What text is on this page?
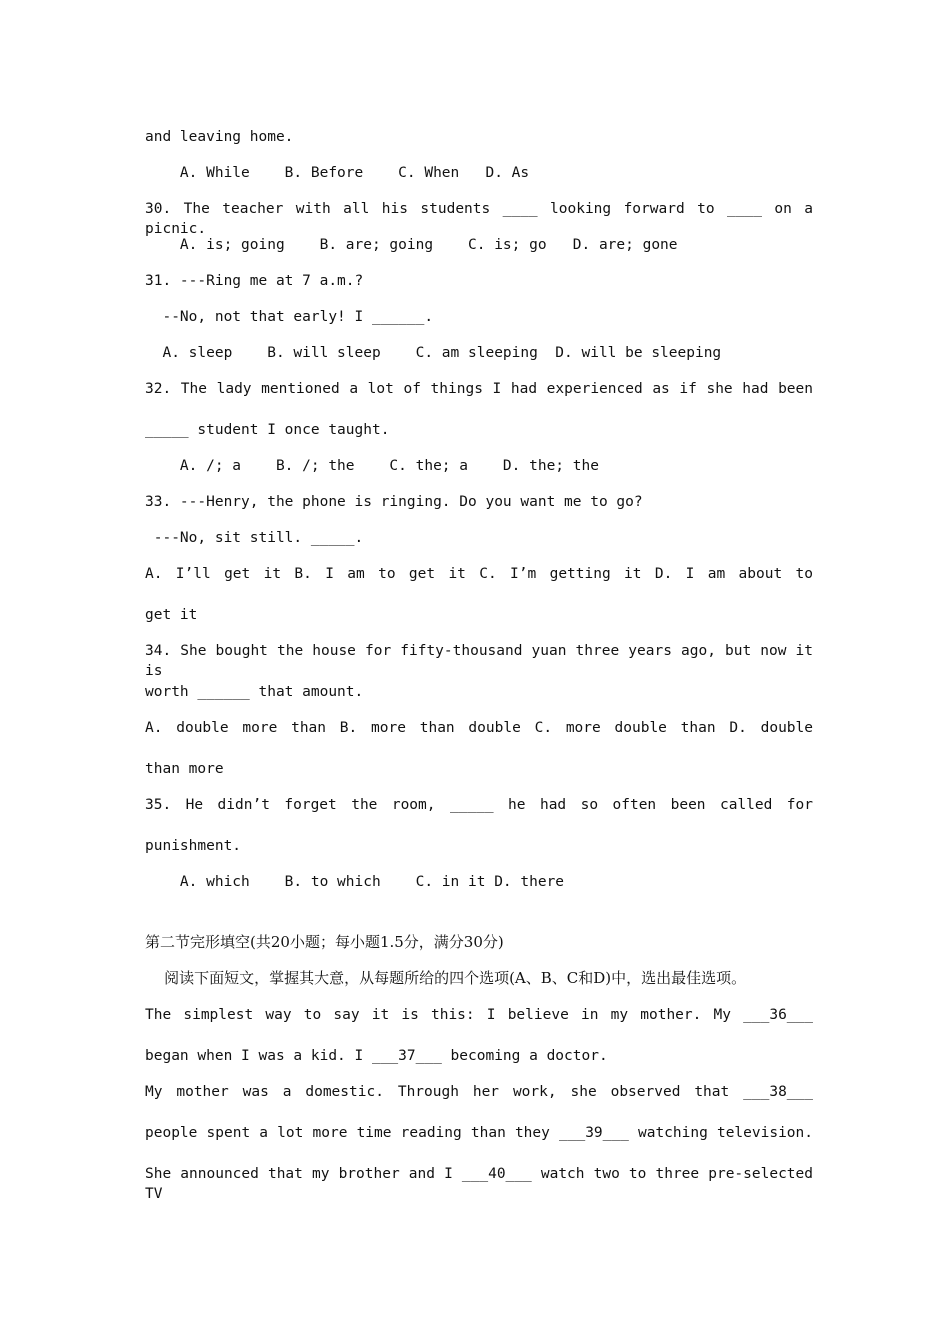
and leaving home.
A. While    B. Before    C. When   D. As
30. The teacher with all his students ____ looking forward to ____ on a picnic.
A. is; going    B. are; going    C. is; go   D. are; gone
31. ---Ring me at 7 a.m.?
--No, not that early! I ______.
A. sleep    B. will sleep    C. am sleeping  D. will be sleeping
32. The lady mentioned a lot of things I had experienced as if she had been
_____ student I once taught.
A. /; a    B. /; the    C. the; a    D. the; the
33. ---Henry, the phone is ringing. Do you want me to go?
---No, sit still. _____.
A. I’ll get it B. I am to get it C. I’m getting it D. I am about to
get it
34. She bought the house for fifty-thousand yuan three years ago, but now it is
worth ______ that amount.
A. double more than B. more than double C. more double than D. double
than more
35. He didn’t forget the room, _____ he had so often been called for
punishment.
A. which    B. to which    C. in it D. there
第二节完形填空(共20小题；每小题1.5分，满分30分)
阅读下面短文，掌握其大意，从每题所给的四个选项(A、B、C和D)中，选出最佳选项。
The simplest way to say it is this: I believe in my mother. My ___36___
began when I was a kid. I ___37___ becoming a doctor.
My mother was a domestic. Through her work, she observed that ___38___
people spent a lot more time reading than they ___39___ watching television.
She announced that my brother and I ___40___ watch two to three pre-selected TV
